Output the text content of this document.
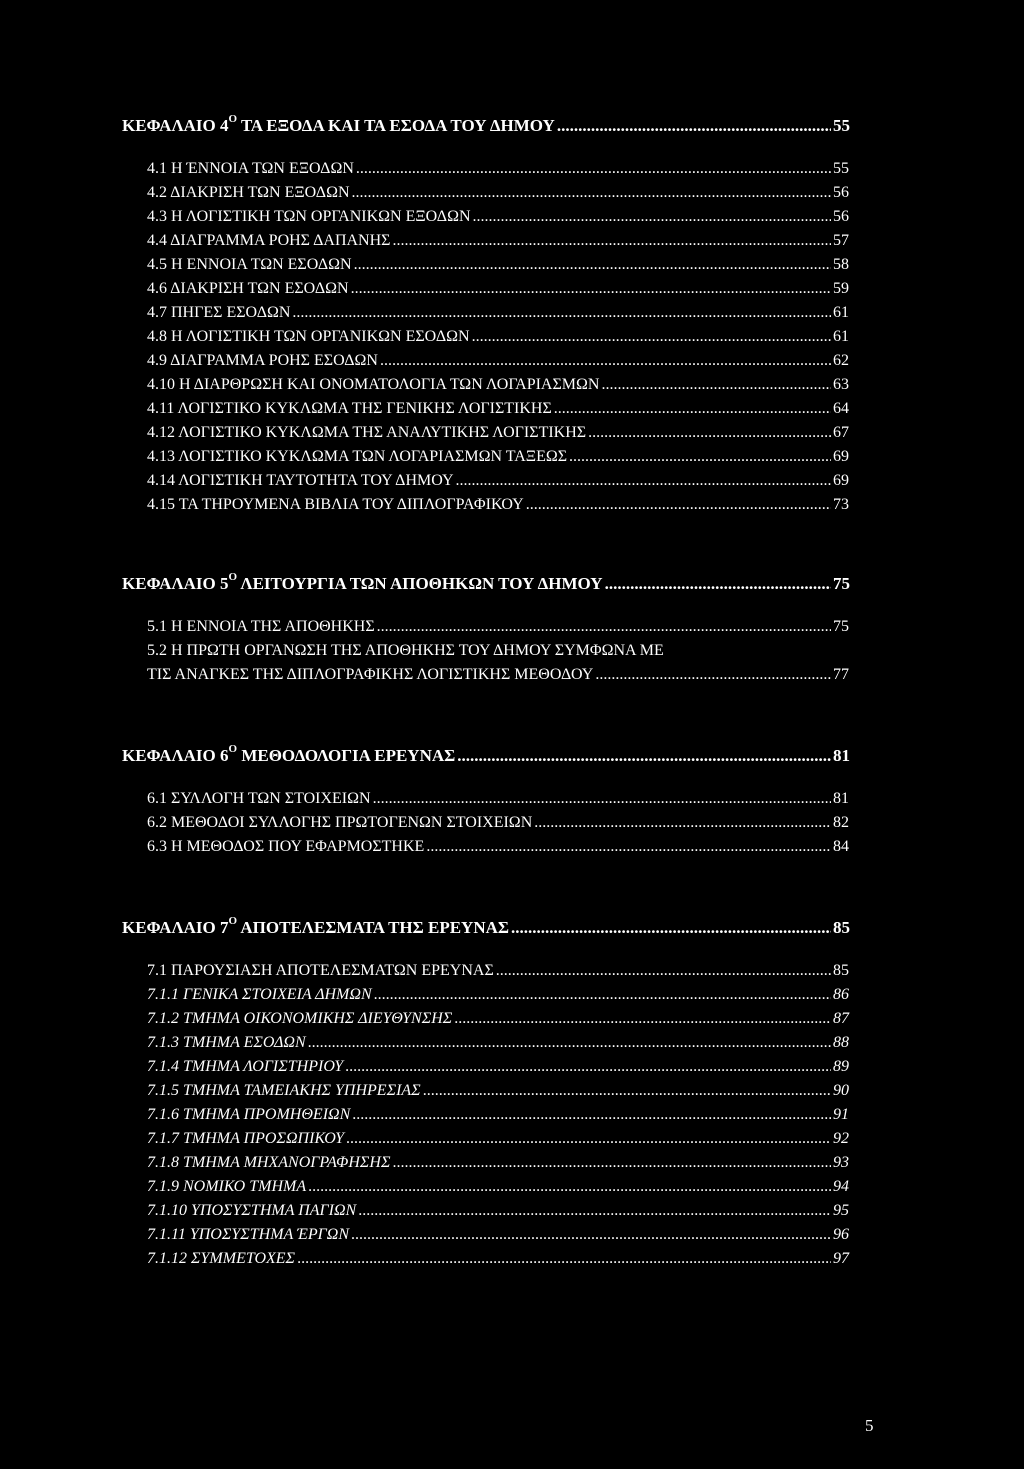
ΚΕΦΑΛΑΙΟ $4^O$ ΤΑ ΕΞΟΔΑ ΚΑΙ ΤΑ ΕΣΟΔΑ ΤΟΥ ΔΗΜΟΥ .....	55
4.1 Η ΈΝΝΟΙΑ ΤΩΝ ΕΞΟΔΩΝ .....	55
4.2 ΔΙΑΚΡΙΣΗ ΤΩΝ ΕΞΟΔΩΝ .....	56
4.3 Η ΛΟΓΙΣΤΙΚΗ ΤΩΝ ΟΡΓΑΝΙΚΩΝ ΕΞΟΔΩΝ .....	56
4.4 ΔΙΑΓΡΑΜΜΑ ΡΟΗΣ ΔΑΠΑΝΗΣ .....	57
4.5 Η ΕΝΝΟΙΑ ΤΩΝ ΕΣΟΔΩΝ .....	58
4.6 ΔΙΑΚΡΙΣΗ ΤΩΝ ΕΣΟΔΩΝ .....	59
4.7 ΠΗΓΕΣ ΕΣΟΔΩΝ .....	61
4.8 Η ΛΟΓΙΣΤΙΚΗ ΤΩΝ ΟΡΓΑΝΙΚΩΝ ΕΣΟΔΩΝ .....	61
4.9 ΔΙΑΓΡΑΜΜΑ ΡΟΗΣ ΕΣΟΔΩΝ .....	62
4.10 Η ΔΙΑΡΘΡΩΣΗ ΚΑΙ ΟΝΟΜΑΤΟΛΟΓΙΑ ΤΩΝ ΛΟΓΑΡΙΑΣΜΩΝ .....	63
4.11 ΛΟΓΙΣΤΙΚΟ ΚΥΚΛΩΜΑ ΤΗΣ ΓΕΝΙΚΗΣ ΛΟΓΙΣΤΙΚΗΣ .....	64
4.12 ΛΟΓΙΣΤΙΚΟ ΚΥΚΛΩΜΑ ΤΗΣ ΑΝΑΛΥΤΙΚΗΣ ΛΟΓΙΣΤΙΚΗΣ .....	67
4.13 ΛΟΓΙΣΤΙΚΟ ΚΥΚΛΩΜΑ ΤΩΝ ΛΟΓΑΡΙΑΣΜΩΝ ΤΑΞΕΩΣ .....	69
4.14 ΛΟΓΙΣΤΙΚΗ ΤΑΥΤΟΤΗΤΑ ΤΟΥ ΔΗΜΟΥ .....	69
4.15 ΤΑ ΤΗΡΟΥΜΕΝΑ ΒΙΒΛΙΑ ΤΟΥ ΔΙΠΛΟΓΡΑΦΙΚΟΥ .....	73
ΚΕΦΑΛΑΙΟ $5^O$ ΛΕΙΤΟΥΡΓΙΑ ΤΩΝ ΑΠΟΘΗΚΩΝ ΤΟΥ ΔΗΜΟΥ .....	75
5.1 Η ΕΝΝΟΙΑ ΤΗΣ ΑΠΟΘΗΚΗΣ .....	75
5.2 Η ΠΡΩΤΗ ΟΡΓΑΝΩΣΗ ΤΗΣ ΑΠΟΘΗΚΗΣ ΤΟΥ ΔΗΜΟΥ ΣΥΜΦΩΝΑ ΜΕ
ΤΙΣ ΑΝΑΓΚΕΣ ΤΗΣ ΔΙΠΛΟΓΡΑΦΙΚΗΣ ΛΟΓΙΣΤΙΚΗΣ ΜΕΘΟΔΟΥ .....	77
ΚΕΦΑΛΑΙΟ $6^O$ ΜΕΘΟΔΟΛΟΓΙΑ ΕΡΕΥΝΑΣ .....	81
6.1 ΣΥΛΛΟΓΗ ΤΩΝ ΣΤΟΙΧΕΙΩΝ .....	81
6.2 ΜΕΘΟΔΟΙ ΣΥΛΛΟΓΗΣ ΠΡΩΤΟΓΕΝΩΝ ΣΤΟΙΧΕΙΩΝ .....	82
6.3 Η ΜΕΘΟΔΟΣ ΠΟΥ ΕΦΑΡΜΟΣΤΗΚΕ .....	84
ΚΕΦΑΛΑΙΟ $7^O$ ΑΠΟΤΕΛΕΣΜΑΤΑ ΤΗΣ ΕΡΕΥΝΑΣ .....	85
7.1 ΠΑΡΟΥΣΙΑΣΗ ΑΠΟΤΕΛΕΣΜΑΤΩΝ ΕΡΕΥΝΑΣ .....	85
7.1.1 ΓΕΝΙΚΑ ΣΤΟΙΧΕΙΑ ΔΗΜΩΝ .....	86
7.1.2 ΤΜΗΜΑ ΟΙΚΟΝΟΜΙΚΗΣ ΔΙΕΥΘΥΝΣΗΣ .....	87
7.1.3 ΤΜΗΜΑ ΕΣΟΔΩΝ .....	88
7.1.4 ΤΜΗΜΑ ΛΟΓΙΣΤΗΡΙΟΥ .....	89
7.1.5 ΤΜΗΜΑ ΤΑΜΕΙΑΚΗΣ ΥΠΗΡΕΣΙΑΣ .....	90
7.1.6 ΤΜΗΜΑ ΠΡΟΜΗΘΕΙΩΝ .....	91
7.1.7 ΤΜΗΜΑ ΠΡΟΣΩΠΙΚΟΥ .....	92
7.1.8 ΤΜΗΜΑ ΜΗΧΑΝΟΓΡΑΦΗΣΗΣ .....	93
7.1.9 ΝΟΜΙΚΟ ΤΜΗΜΑ .....	94
7.1.10 ΥΠΟΣΥΣΤΗΜΑ ΠΑΓΙΩΝ .....	95
7.1.11 ΥΠΟΣΥΣΤΗΜΑ ΈΡΓΩΝ .....	96
7.1.12 ΣΥΜΜΕΤΟΧΕΣ .....	97
5
